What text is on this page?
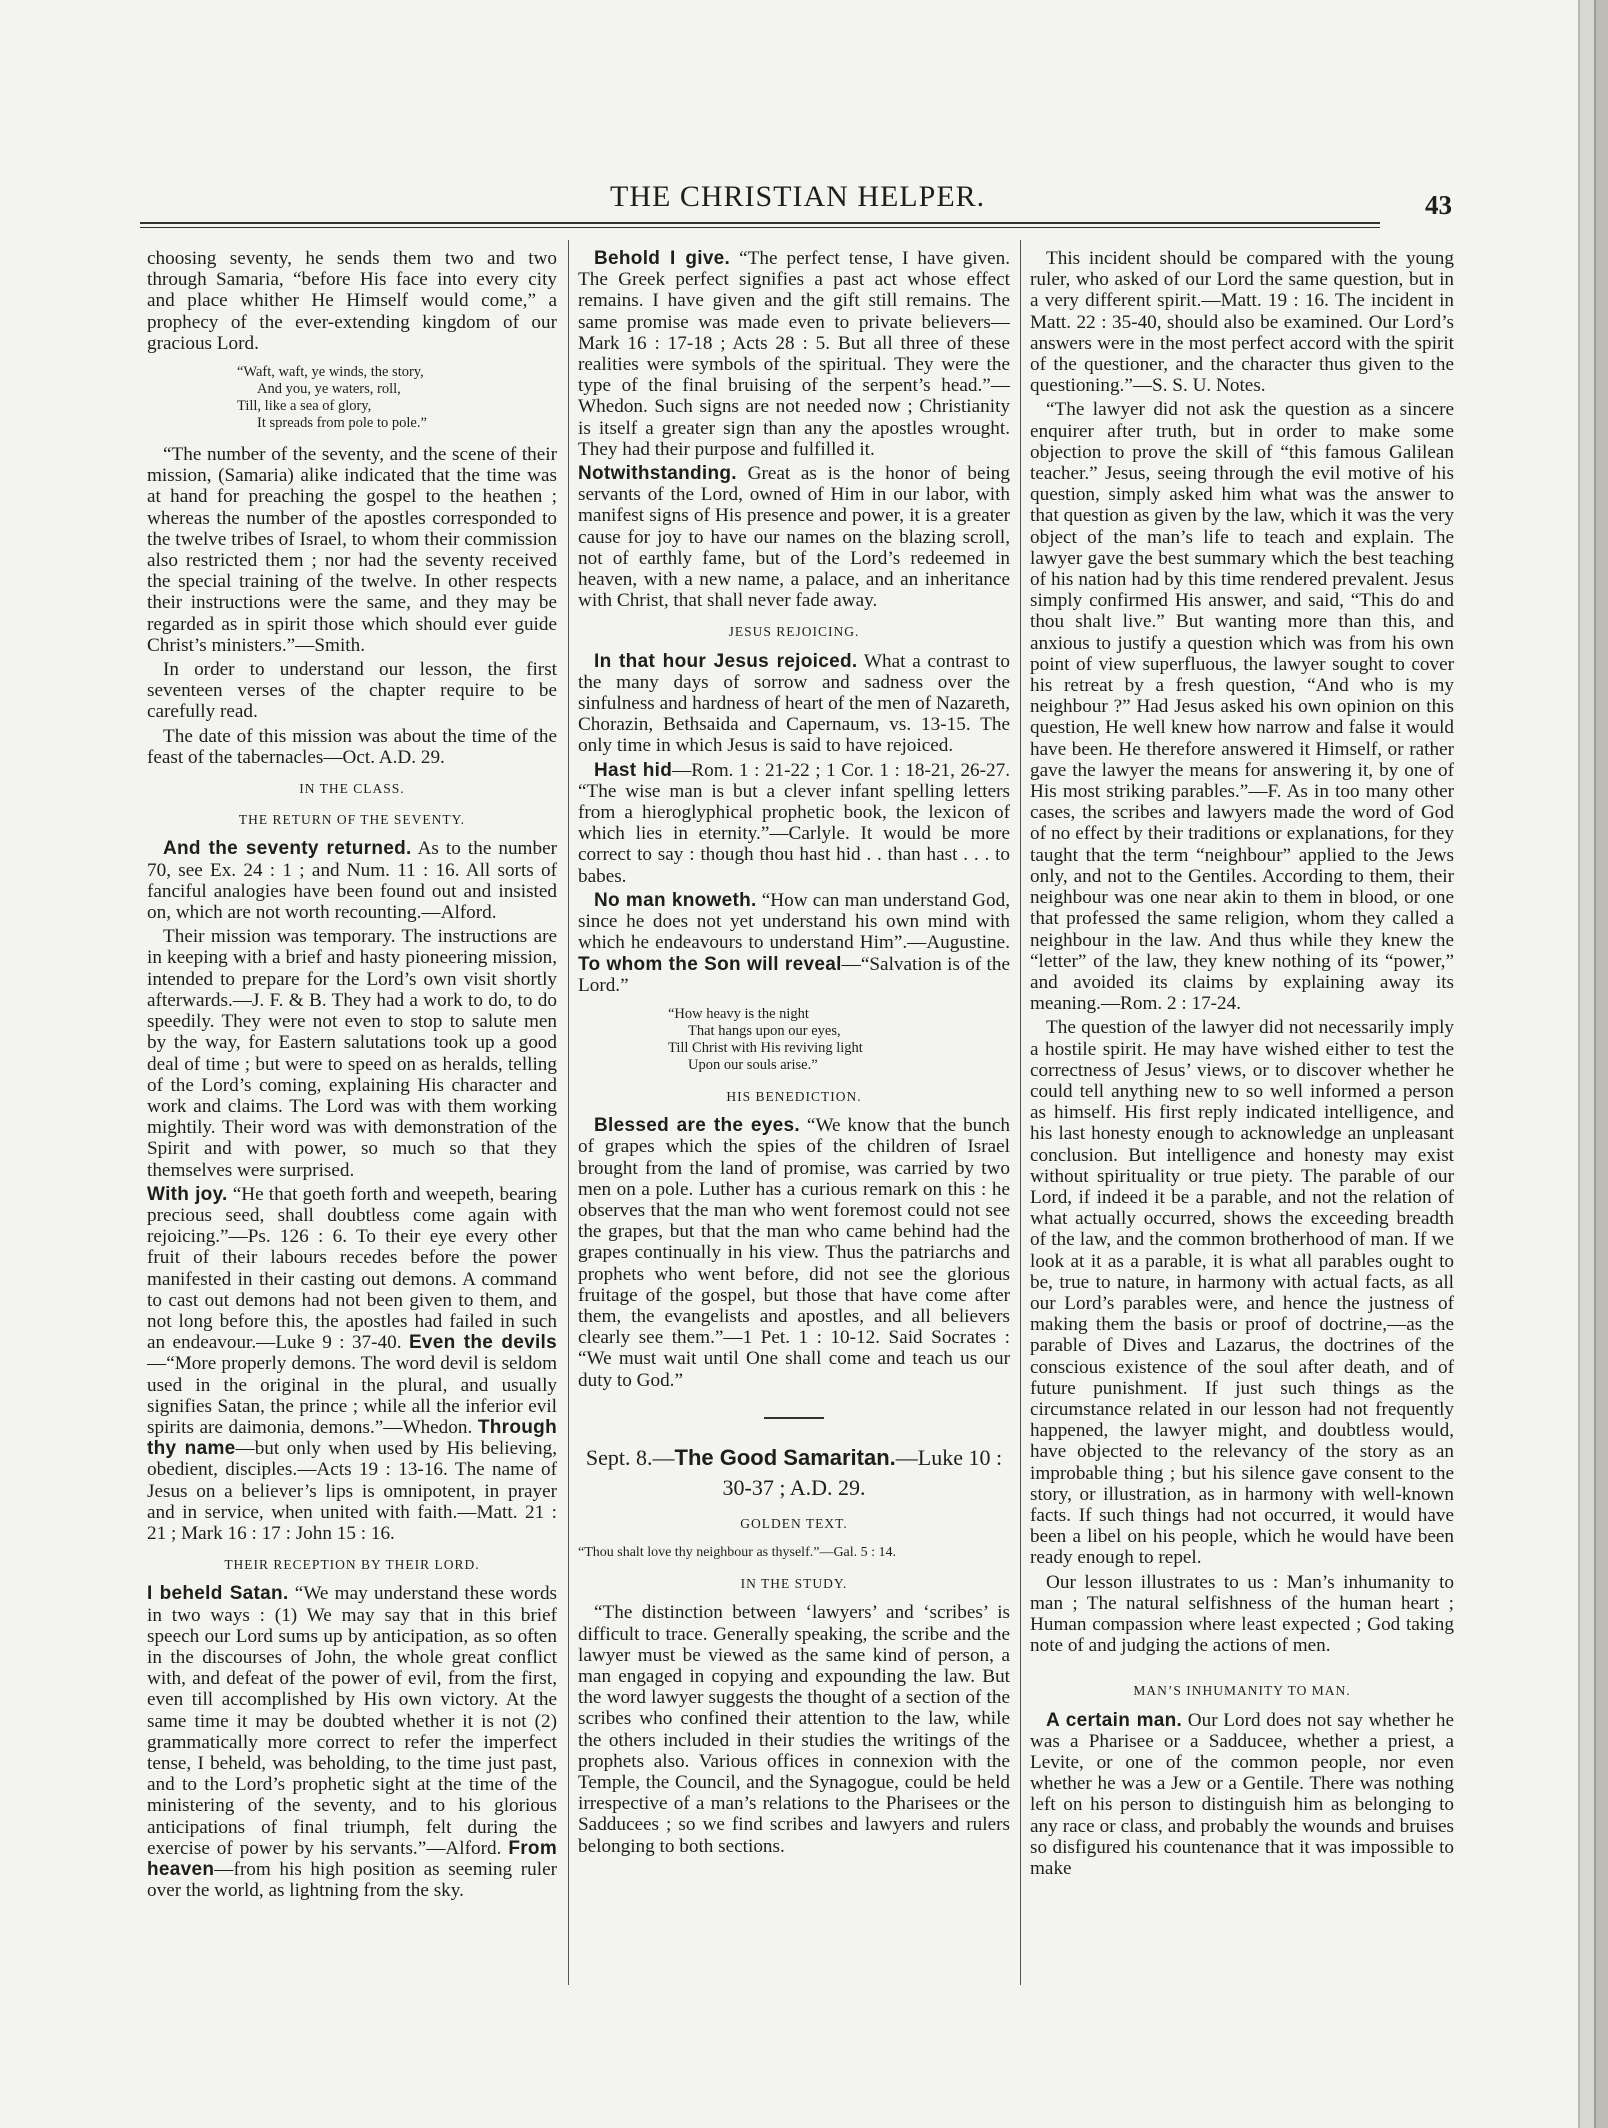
THE CHRISTIAN HELPER.	43

choosing seventy, he sends them two and two through Samaria, “before His face into every city and place whither He Himself would come,” a prophecy of the ever-extending kingdom of our gracious Lord.

“Waft, waft, ye winds, the story,
And you, ye waters, roll,
Till, like a sea of glory,
It spreads from pole to pole.”

“The number of the seventy, and the scene of their mission, (Samaria) alike indicated that the time was at hand for preaching the gospel to the heathen ; whereas the number of the apostles corresponded to the twelve tribes of Israel, to whom their commission also restricted them ; nor had the seventy received the special training of the twelve. In other respects their instructions were the same, and they may be regarded as in spirit those which should ever guide Christ’s ministers.”—Smith.

In order to understand our lesson, the first seventeen verses of the chapter require to be carefully read.

The date of this mission was about the time of the feast of the tabernacles—Oct. A.D. 29.

IN THE CLASS.

THE RETURN OF THE SEVENTY.

And the seventy returned. As to the number 70, see Ex. 24 : 1 ; and Num. 11 : 16. All sorts of fanciful analogies have been found out and insisted on, which are not worth recounting.—Alford.

Their mission was temporary. The instructions are in keeping with a brief and hasty pioneering mission, intended to prepare for the Lord’s own visit shortly afterwards.—J. F. & B. They had a work to do, to do speedily. They were not even to stop to salute men by the way, for Eastern salutations took up a good deal of time ; but were to speed on as heralds, telling of the Lord’s coming, explaining His character and work and claims. The Lord was with them working mightily. Their word was with demonstration of the Spirit and with power, so much so that they themselves were surprised.

With joy. “He that goeth forth and weepeth, bearing precious seed, shall doubtless come again with rejoicing.”—Ps. 126 : 6. To their eye every other fruit of their labours recedes before the power manifested in their casting out demons. A command to cast out demons had not been given to them, and not long before this, the apostles had failed in such an endeavour.—Luke 9 : 37-40. Even the devils—“More properly demons. The word devil is seldom used in the original in the plural, and usually signifies Satan, the prince ; while all the inferior evil spirits are daimonia, demons.”—Whedon. Through thy name—but only when used by His believing, obedient, disciples.—Acts 19 : 13-16. The name of Jesus on a believer’s lips is omnipotent, in prayer and in service, when united with faith.—Matt. 21 : 21 ; Mark 16 : 17 : John 15 : 16.

THEIR RECEPTION BY THEIR LORD.

I beheld Satan. “We may understand these words in two ways : (1) We may say that in this brief speech our Lord sums up by anticipation, as so often in the discourses of John, the whole great conflict with, and defeat of the power of evil, from the first, even till accomplished by His own victory. At the same time it may be doubted whether it is not (2) grammatically more correct to refer the imperfect tense, I beheld, was beholding, to the time just past, and to the Lord’s prophetic sight at the time of the ministering of the seventy, and to his glorious anticipations of final triumph, felt during the exercise of power by his servants.”—Alford. From heaven—from his high position as seeming ruler over the world, as lightning from the sky.

Behold I give. “The perfect tense, I have given. The Greek perfect signifies a past act whose effect remains. I have given and the gift still remains. The same promise was made even to private believers—Mark 16 : 17-18 ; Acts 28 : 5. But all three of these realities were symbols of the spiritual. They were the type of the final bruising of the serpent’s head.”—Whedon. Such signs are not needed now ; Christianity is itself a greater sign than any the apostles wrought. They had their purpose and fulfilled it.

Notwithstanding. Great as is the honor of being servants of the Lord, owned of Him in our labor, with manifest signs of His presence and power, it is a greater cause for joy to have our names on the blazing scroll, not of earthly fame, but of the Lord’s redeemed in heaven, with a new name, a palace, and an inheritance with Christ, that shall never fade away.

JESUS REJOICING.

In that hour Jesus rejoiced. What a contrast to the many days of sorrow and sadness over the sinfulness and hardness of heart of the men of Nazareth, Chorazin, Bethsaida and Capernaum, vs. 13-15. The only time in which Jesus is said to have rejoiced.

Hast hid—Rom. 1 : 21-22 ; 1 Cor. 1 : 18-21, 26-27. “The wise man is but a clever infant spelling letters from a hieroglyphical prophetic book, the lexicon of which lies in eternity.”—Carlyle. It would be more correct to say : though thou hast hid . . than hast . . . to babes.

No man knoweth. “How can man understand God, since he does not yet understand his own mind with which he endeavours to understand Him”.—Augustine. To whom the Son will reveal—“Salvation is of the Lord.”

“How heavy is the night
That hangs upon our eyes,
Till Christ with His reviving light
Upon our souls arise.”

HIS BENEDICTION.

Blessed are the eyes. “We know that the bunch of grapes which the spies of the children of Israel brought from the land of promise, was carried by two men on a pole. Luther has a curious remark on this : he observes that the man who went foremost could not see the grapes, but that the man who came behind had the grapes continually in his view. Thus the patriarchs and prophets who went before, did not see the glorious fruitage of the gospel, but those that have come after them, the evangelists and apostles, and all believers clearly see them.”—1 Pet. 1 : 10-12. Said Socrates : “We must wait until One shall come and teach us our duty to God.”

Sept. 8.—The Good Samaritan.—Luke 10 : 30-37 ; A.D. 29.

GOLDEN TEXT.

“Thou shalt love thy neighbour as thyself.”—Gal. 5 : 14.

IN THE STUDY.

“The distinction between ‘lawyers’ and ‘scribes’ is difficult to trace. Generally speaking, the scribe and the lawyer must be viewed as the same kind of person, a man engaged in copying and expounding the law. But the word lawyer suggests the thought of a section of the scribes who confined their attention to the law, while the others included in their studies the writings of the prophets also. Various offices in connexion with the Temple, the Council, and the Synagogue, could be held irrespective of a man’s relations to the Pharisees or the Sadducees ; so we find scribes and lawyers and rulers belonging to both sections.

This incident should be compared with the young ruler, who asked of our Lord the same question, but in a very different spirit.—Matt. 19 : 16. The incident in Matt. 22 : 35-40, should also be examined. Our Lord’s answers were in the most perfect accord with the spirit of the questioner, and the character thus given to the questioning.”—S. S. U. Notes.

“The lawyer did not ask the question as a sincere enquirer after truth, but in order to make some objection to prove the skill of “this famous Galilean teacher.” Jesus, seeing through the evil motive of his question, simply asked him what was the answer to that question as given by the law, which it was the very object of the man’s life to teach and explain. The lawyer gave the best summary which the best teaching of his nation had by this time rendered prevalent. Jesus simply confirmed His answer, and said, “This do and thou shalt live.” But wanting more than this, and anxious to justify a question which was from his own point of view superfluous, the lawyer sought to cover his retreat by a fresh question, “And who is my neighbour ?” Had Jesus asked his own opinion on this question, He well knew how narrow and false it would have been. He therefore answered it Himself, or rather gave the lawyer the means for answering it, by one of His most striking parables.”—F. As in too many other cases, the scribes and lawyers made the word of God of no effect by their traditions or explanations, for they taught that the term “neighbour” applied to the Jews only, and not to the Gentiles. According to them, their neighbour was one near akin to them in blood, or one that professed the same religion, whom they called a neighbour in the law. And thus while they knew the “letter” of the law, they knew nothing of its “power,” and avoided its claims by explaining away its meaning.—Rom. 2 : 17-24.

The question of the lawyer did not necessarily imply a hostile spirit. He may have wished either to test the correctness of Jesus’ views, or to discover whether he could tell anything new to so well informed a person as himself. His first reply indicated intelligence, and his last honesty enough to acknowledge an unpleasant conclusion. But intelligence and honesty may exist without spirituality or true piety. The parable of our Lord, if indeed it be a parable, and not the relation of what actually occurred, shows the exceeding breadth of the law, and the common brotherhood of man. If we look at it as a parable, it is what all parables ought to be, true to nature, in harmony with actual facts, as all our Lord’s parables were, and hence the justness of making them the basis or proof of doctrine,—as the parable of Dives and Lazarus, the doctrines of the conscious existence of the soul after death, and of future punishment. If just such things as the circumstance related in our lesson had not frequently happened, the lawyer might, and doubtless would, have objected to the relevancy of the story as an improbable thing ; but his silence gave consent to the story, or illustration, as in harmony with well-known facts. If such things had not occurred, it would have been a libel on his people, which he would have been ready enough to repel.

Our lesson illustrates to us : Man’s inhumanity to man ; The natural selfishness of the human heart ; Human compassion where least expected ; God taking note of and judging the actions of men.

MAN’S INHUMANITY TO MAN.

A certain man. Our Lord does not say whether he was a Pharisee or a Sadducee, whether a priest, a Levite, or one of the common people, nor even whether he was a Jew or a Gentile. There was nothing left on his person to distinguish him as belonging to any race or class, and probably the wounds and bruises so disfigured his countenance that it was impossible to make
